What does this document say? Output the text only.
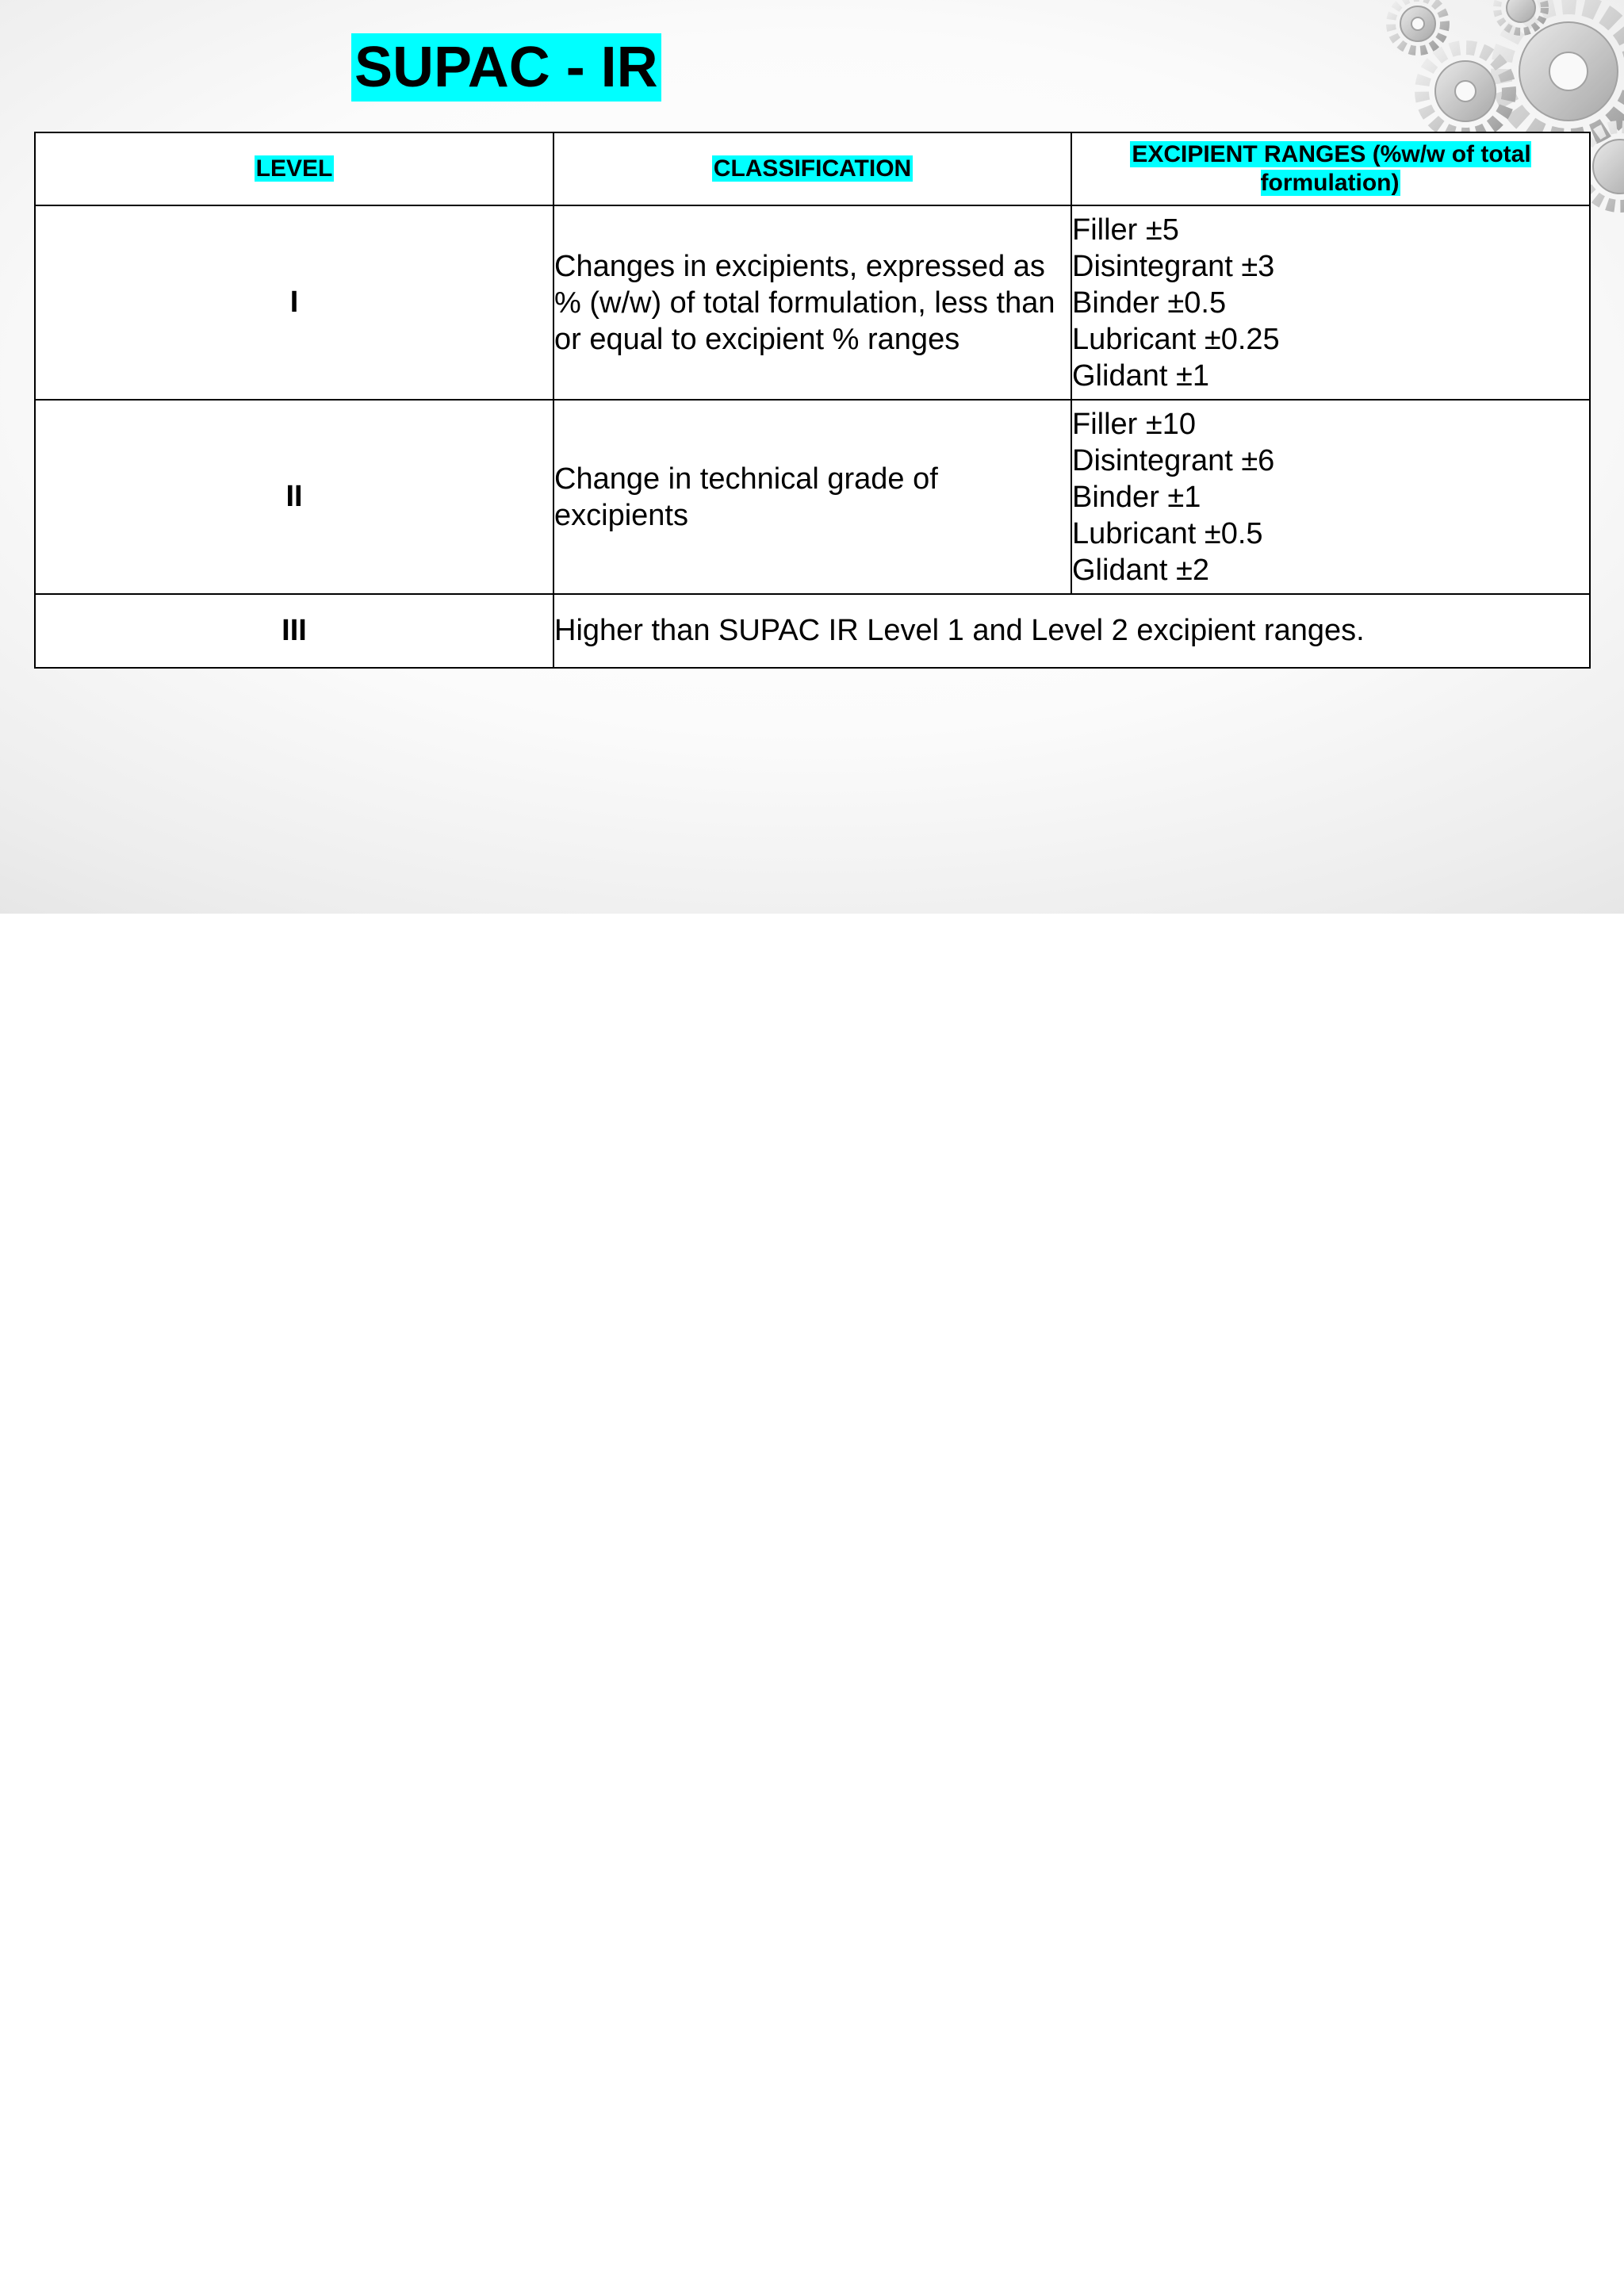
SUPAC - IR
LEVEL	CLASSIFICATION	EXCIPIENT RANGES (%w/w of total formulation)
I	Changes in excipients, expressed as % (w/w) of total formulation, less than or equal to excipient % ranges	Filler ±5
Disintegrant ±3
Binder ±0.5
Lubricant ±0.25
Glidant ±1

II	Change in technical grade of excipients	Filler ±10
Disintegrant ±6
Binder ±1
Lubricant ±0.5
Glidant ±2

III	Higher than SUPAC IR Level 1 and Level 2 excipient ranges.	
